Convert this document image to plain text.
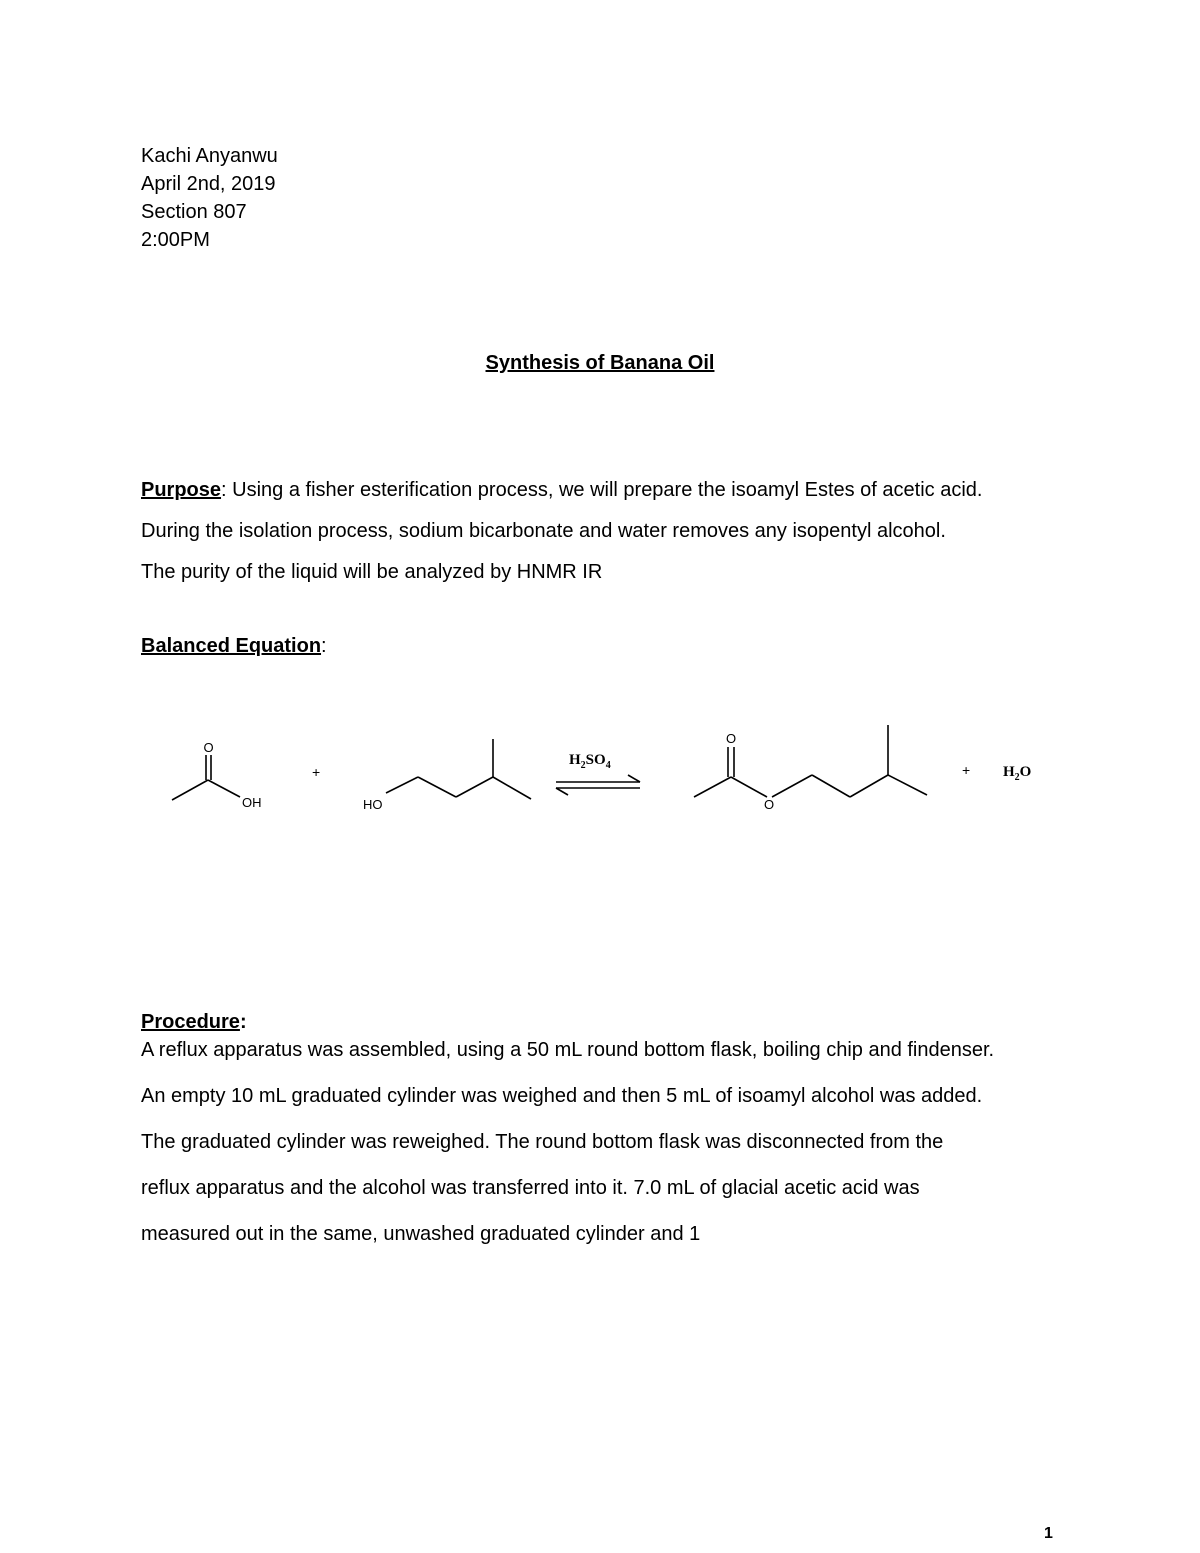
Kachi Anyanwu
April 2nd, 2019
Section 807
2:00PM
Synthesis of Banana Oil
Purpose: Using a fisher esterification process, we will prepare the isoamyl Estes of acetic acid.
During the isolation process, sodium bicarbonate and water removes any isopentyl alcohol.
The purity of the liquid will be analyzed by HNMR IR
Balanced Equation:
O
OH
+
HO
$H_2SO_4$
O
O
+ $H_2O$
Procedure:
A reflux apparatus was assembled, using a 50 mL round bottom flask, boiling chip and findenser.
An empty 10 mL graduated cylinder was weighed and then 5 mL of isoamyl alcohol was added.
The graduated cylinder was reweighed. The round bottom flask was disconnected from the
reflux apparatus and the alcohol was transferred into it. 7.0 mL of glacial acetic acid was
measured out in the same, unwashed graduated cylinder and 1
1
